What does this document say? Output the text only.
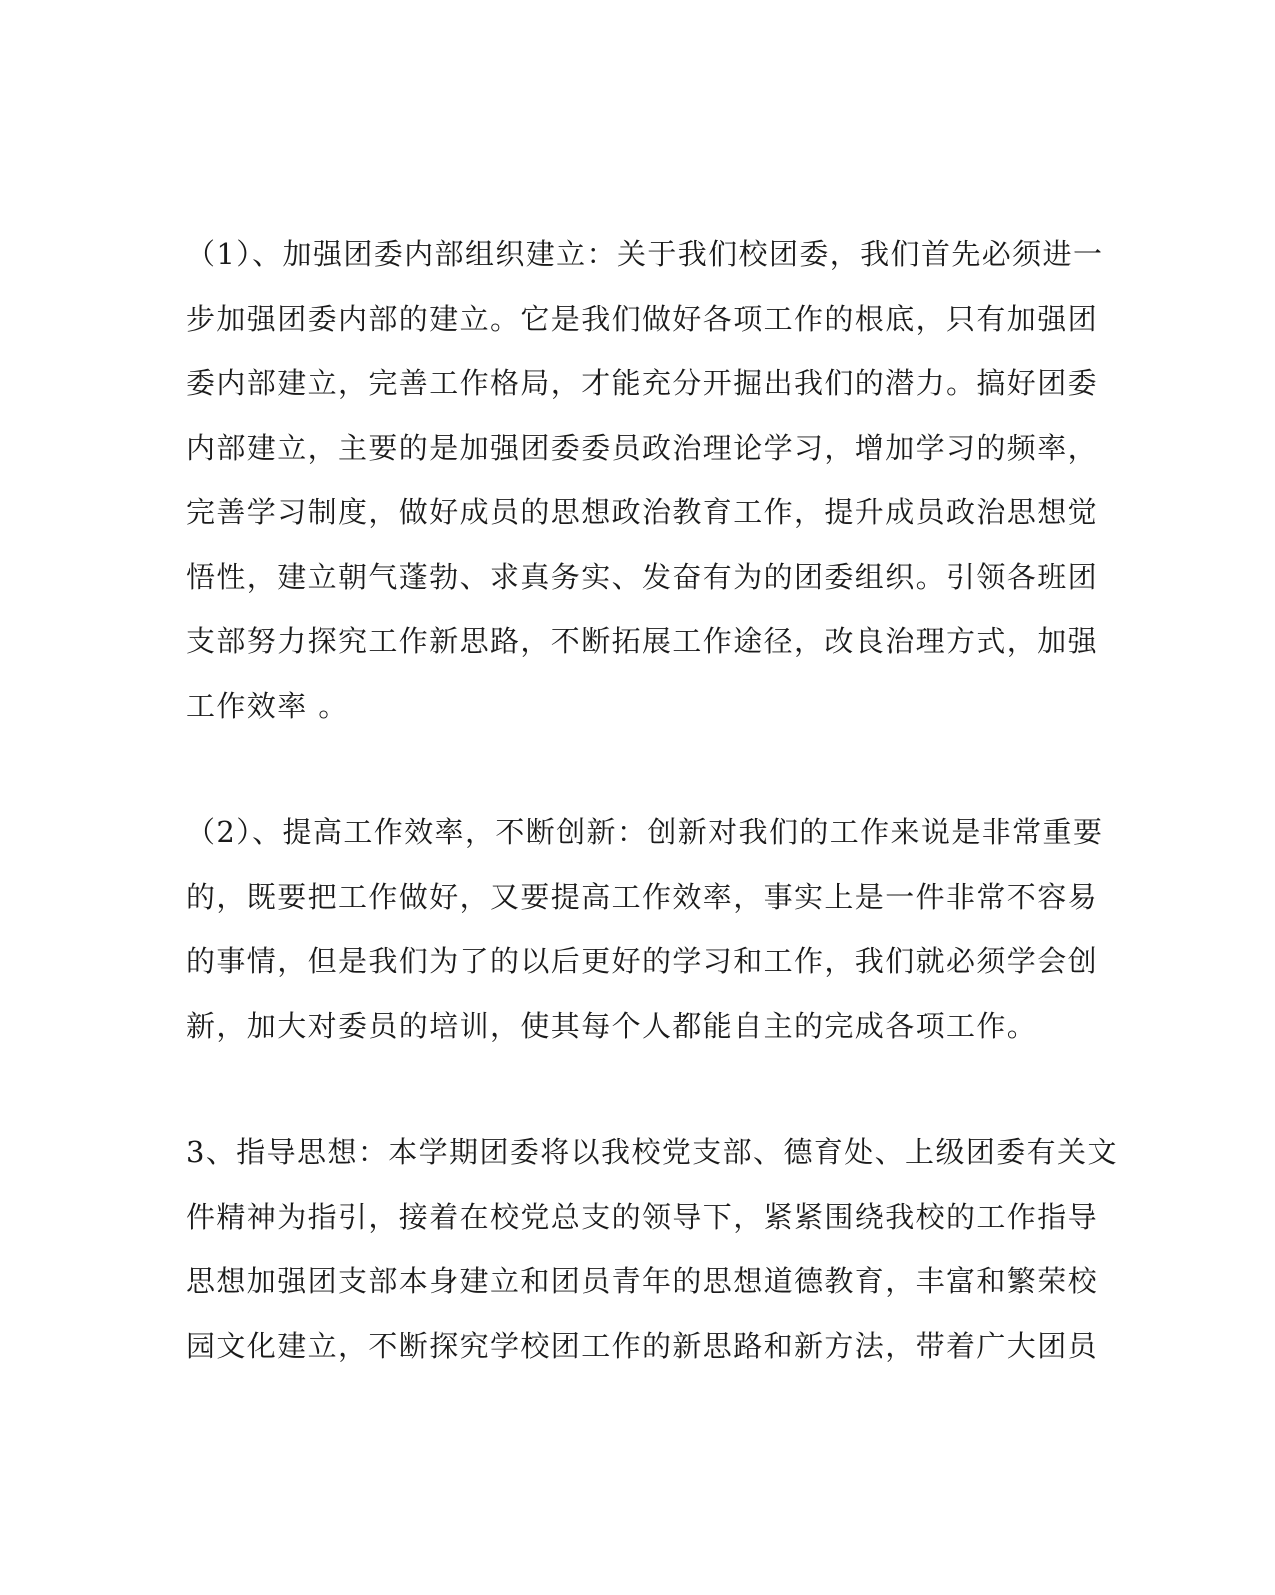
（1）、加强团委内部组织建立：关于我们校团委，我们首先必须进一
步加强团委内部的建立。它是我们做好各项工作的根底，只有加强团
委内部建立，完善工作格局，才能充分开掘出我们的潜力。搞好团委
内部建立，主要的是加强团委委员政治理论学习，增加学习的频率，
完善学习制度，做好成员的思想政治教育工作，提升成员政治思想觉
悟性，建立朝气蓬勃、求真务实、发奋有为的团委组织。引领各班团
支部努力探究工作新思路，不断拓展工作途径，改良治理方式，加强
工作效率 。

（2）、提高工作效率，不断创新：创新对我们的工作来说是非常重要
的，既要把工作做好，又要提高工作效率，事实上是一件非常不容易
的事情，但是我们为了的以后更好的学习和工作，我们就必须学会创
新，加大对委员的培训，使其每个人都能自主的完成各项工作。

3、指导思想：本学期团委将以我校党支部、德育处、上级团委有关文
件精神为指引，接着在校党总支的领导下，紧紧围绕我校的工作指导
思想加强团支部本身建立和团员青年的思想道德教育，丰富和繁荣校
园文化建立，不断探究学校团工作的新思路和新方法，带着广大团员
